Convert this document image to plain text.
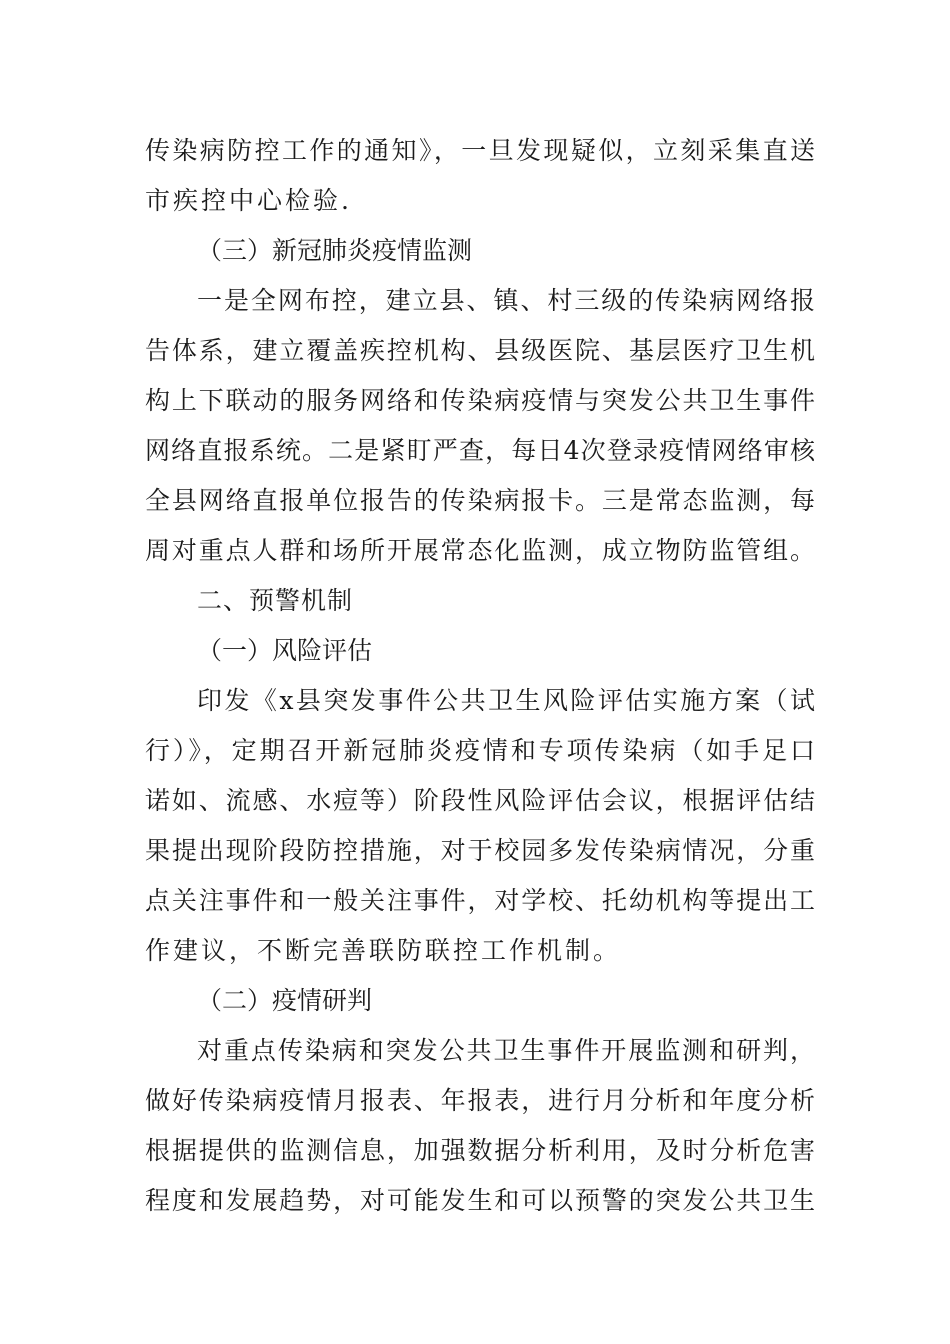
传染病防控工作的通知》，一旦发现疑似，立刻采集直送
市疾控中心检验.
（三）新冠肺炎疫情监测
一是全网布控，建立县、镇、村三级的传染病网络报
告体系，建立覆盖疾控机构、县级医院、基层医疗卫生机
构上下联动的服务网络和传染病疫情与突发公共卫生事件
网络直报系统。二是紧盯严查，每日4次登录疫情网络审核
全县网络直报单位报告的传染病报卡。三是常态监测，每
周对重点人群和场所开展常态化监测，成立物防监管组。
二、预警机制
（一）风险评估
印发《x县突发事件公共卫生风险评估实施方案（试
行）》，定期召开新冠肺炎疫情和专项传染病（如手足口
诺如、流感、水痘等）阶段性风险评估会议，根据评估结
果提出现阶段防控措施，对于校园多发传染病情况，分重
点关注事件和一般关注事件，对学校、托幼机构等提出工
作建议，不断完善联防联控工作机制。
（二）疫情研判
对重点传染病和突发公共卫生事件开展监测和研判，
做好传染病疫情月报表、年报表，进行月分析和年度分析
根据提供的监测信息，加强数据分析利用，及时分析危害
程度和发展趋势，对可能发生和可以预警的突发公共卫生
